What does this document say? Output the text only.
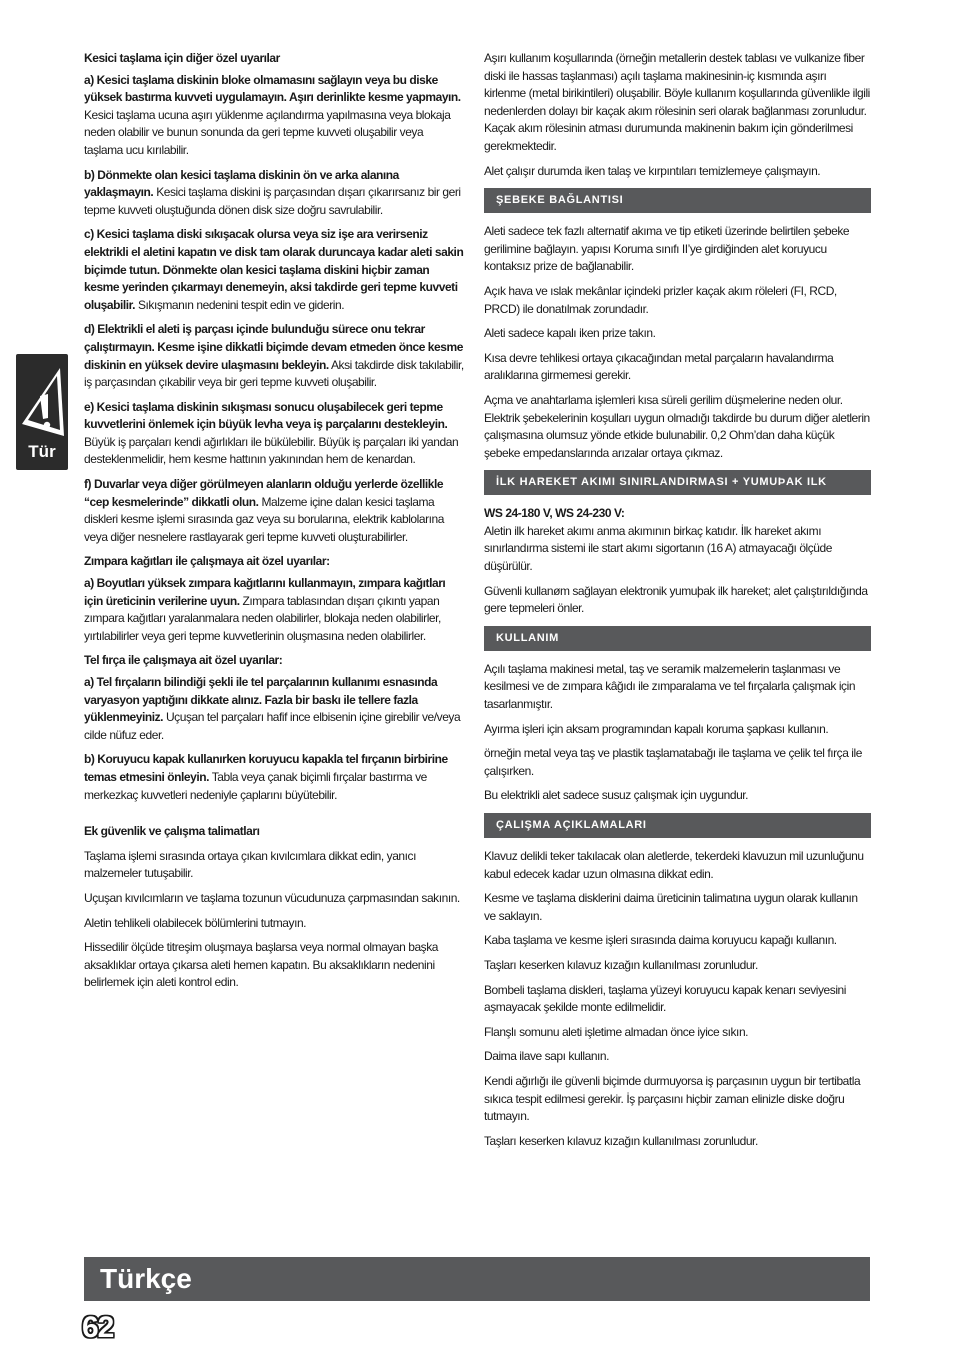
Tür

Kesici taşlama için diğer özel uyarılar

a) Kesici taşlama diskinin bloke olmamasını sağlayın veya bu diske yüksek bastırma kuvveti uygulamayın. Aşırı derinlikte kesme yapmayın. Kesici taşlama ucuna aşırı yüklenme açılandırma yapılmasına veya blokaja neden olabilir ve bunun sonunda da geri tepme kuvveti oluşabilir veya taşlama ucu kırılabilir.

b) Dönmekte olan kesici taşlama diskinin ön ve arka alanına yaklaşmayın. Kesici taşlama diskini iş parçasından dışarı çıkarırsanız bir geri tepme kuvveti oluştuğunda dönen disk size doğru savrulabilir.

c) Kesici taşlama diski sıkışacak olursa veya siz işe ara verirseniz elektrikli el aletini kapatın ve disk tam olarak duruncaya kadar aleti sakin biçimde tutun. Dönmekte olan kesici taşlama diskini hiçbir zaman kesme yerinden çıkarmayı denemeyin, aksi takdirde geri tepme kuvveti oluşabilir. Sıkışmanın nedenini tespit edin ve giderin.

d) Elektrikli el aleti iş parçası içinde bulunduğu sürece onu tekrar çalıştırmayın. Kesme işine dikkatli biçimde devam etmeden önce kesme diskinin en yüksek devire ulaşmasını bekleyin. Aksi takdirde disk takılabilir, iş parçasından çıkabilir veya bir geri tepme kuvveti oluşabilir.

e) Kesici taşlama diskinin sıkışması sonucu oluşabilecek geri tepme kuvvetlerini önlemek için büyük levha veya iş parçalarını destekleyin. Büyük iş parçaları kendi ağırlıkları ile bükülebilir. Büyük iş parçaları iki yandan desteklenmelidir, hem kesme hattının yakınından hem de kenardan.

f) Duvarlar veya diğer görülmeyen alanların olduğu yerlerde özellikle “cep kesmelerinde” dikkatli olun. Malzeme içine dalan kesici taşlama diskleri kesme işlemi sırasında gaz veya su borularına, elektrik kablolarına veya diğer nesnelere rastlayarak geri tepme kuvveti oluşturabilirler.

Zımpara kağıtları ile çalışmaya ait özel uyarılar:

a) Boyutları yüksek zımpara kağıtlarını kullanmayın, zımpara kağıtları için üreticinin verilerine uyun. Zımpara tablasından dışarı çıkıntı yapan zımpara kağıtları yaralanmalara neden olabilirler, blokaja neden olabilirler, yırtılabilirler veya geri tepme kuvvetlerinin oluşmasına neden olabilirler.

Tel fırça ile çalışmaya ait özel uyarılar:

a) Tel fırçaların bilindiği şekli ile tel parçalarının kullanımı esnasında varyasyon yaptığını dikkate alınız. Fazla bir baskı ile tellere fazla yüklenmeyiniz. Uçuşan tel parçaları hafif ince elbisenin içine girebilir ve/veya cilde nüfuz eder.

b) Koruyucu kapak kullanırken koruyucu kapakla tel fırçanın birbirine temas etmesini önleyin. Tabla veya çanak biçimli fırçalar bastırma ve merkezkaç kuvvetleri nedeniyle çaplarını büyütebilir.

Ek güvenlik ve çalışma talimatları

Taşlama işlemi sırasında ortaya çıkan kıvılcımlara dikkat edin, yanıcı malzemeler tutuşabilir.

Uçuşan kıvılcımların ve taşlama tozunun vücudunuza çarpmasından sakının.

Aletin tehlikeli olabilecek bölümlerini tutmayın.

Hissedilir ölçüde titreşim oluşmaya başlarsa veya normal olmayan başka aksaklıklar ortaya çıkarsa aleti hemen kapatın. Bu aksaklıkların nedenini belirlemek için aleti kontrol edin.

Aşırı kullanım koşullarında (örneğin metallerin destek tablası ve vulkanize fiber diski ile hassas taşlanması) açılı taşlama makinesinin-iç kısmında aşırı kirlenme (metal birikintileri) oluşabilir. Böyle kullanım koşullarında güvenlikle ilgili nedenlerden dolayı bir kaçak akım rölesinin seri olarak bağlanması zorunludur. Kaçak akım rölesinin atması durumunda makinenin bakım için gönderilmesi gerekmektedir.

Alet çalışır durumda iken talaş ve kırpıntıları temizlemeye çalışmayın.

ŞEBEKE BAĞLANTISI

Aleti sadece tek fazlı alternatif akıma ve tip etiketi üzerinde belirtilen şebeke gerilimine bağlayın. yapısı Koruma sınıfı II’ye girdiğinden alet koruyucu kontaksız prize de bağlanabilir.

Açık hava ve ıslak mekânlar içindeki prizler kaçak akım röleleri (FI, RCD, PRCD) ile donatılmak zorundadır.

Aleti sadece kapalı iken prize takın.

Kısa devre tehlikesi ortaya çıkacağından metal parçaların havalandırma aralıklarına girmemesi gerekir.

Açma ve anahtarlama işlemleri kısa süreli gerilim düşmelerine neden olur. Elektrik şebekelerinin koşulları uygun olmadığı takdirde bu durum diğer aletlerin çalışmasına olumsuz yönde etkide bulunabilir. 0,2 Ohm’dan daha küçük şebeke empedanslarında arızalar ortaya çıkmaz.

İLK HAREKET AKIMI SINIRLANDIRMASI + YUMUÞAK ILK

WS 24-180 V, WS 24-230 V:

Aletin ilk hareket akımı anma akımının birkaç katıdır. İlk hareket akımı sınırlandırma sistemi ile start akımı sigortanın (16 A) atmayacağı ölçüde düşürülür.

Güvenli kullanøm sağlayan elektronik yumuþak ilk hareket; alet çalıştırıldığında gere tepmeleri önler.

KULLANIM

Açılı taşlama makinesi metal, taş ve seramik malzemelerin taşlanması ve kesilmesi ve de zımpara kâğıdı ile zımparalama ve tel fırçalarla çalışmak için tasarlanmıştır.

Ayırma işleri için aksam programından kapalı koruma şapkası kullanın.

örneğin metal veya taş ve plastik taşlamatabağı ile taşlama ve çelik tel fırça ile çalışırken.

Bu elektrikli alet sadece susuz çalışmak için uygundur.

ÇALIŞMA AÇIKLAMALARI

Klavuz delikli teker takılacak olan aletlerde, tekerdeki klavuzun mil uzunluğunu kabul edecek kadar uzun olmasına dikkat edin.

Kesme ve taşlama disklerini daima üreticinin talimatına uygun olarak kullanın ve saklayın.

Kaba taşlama ve kesme işleri sırasında daima koruyucu kapağı kullanın.

Taşları keserken kılavuz kızağın kullanılması zorunludur.

Bombeli taşlama diskleri, taşlama yüzeyi koruyucu kapak kenarı seviyesini aşmayacak şekilde monte edilmelidir.

Flanşlı somunu aleti işletime almadan önce iyice sıkın.

Daima ilave sapı kullanın.

Kendi ağırlığı ile güvenli biçimde durmuyorsa iş parçasının uygun bir tertibatla sıkıca tespit edilmesi gerekir. İş parçasını hiçbir zaman elinizle diske doğru tutmayın.

Taşları keserken kılavuz kızağın kullanılması zorunludur.

Türkçe
62
